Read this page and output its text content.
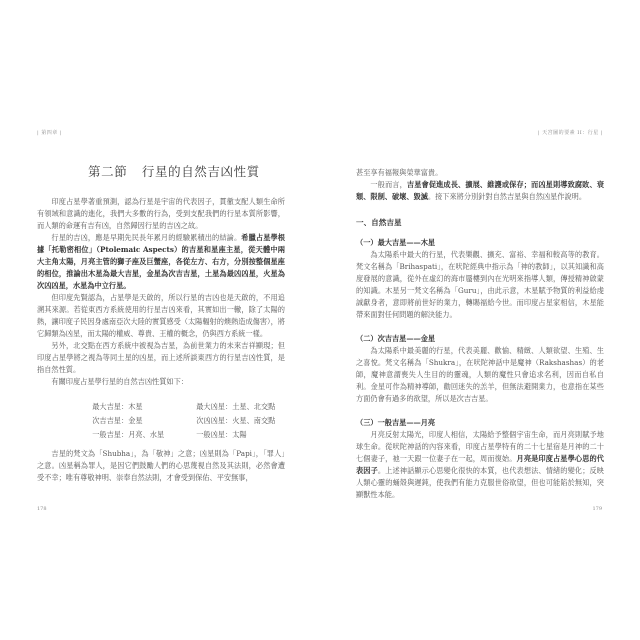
| 第四章 |
第二節 行星的自然吉凶性質

印度占星學著重預測，認為行星是宇宙的代表因子，貫徹支配人類生命所有領域和意識的進化，我們大多數的行為，受到支配我們的行星本質所影響，而人類的命運有吉有凶，自然歸因行星的吉凶之故。

行星的吉凶，應是早期先民長年累月的經驗累積出的結論。希臘占星學根據「托勒密相位」（Ptolemaic Aspects）的吉星和星座主星，從天體中兩大主角太陽，月亮主管的獅子座及巨蟹座，各從左方、右方，分別按整個星座的相位，推論出木星為最大吉星，金星為次吉吉星，土星為最凶凶星，火星為次凶凶星，水星為中立行星。

但印度先賢認為，占星學是天啟的，所以行星的吉凶也是天啟的，不用追溯其來源。若從東西方系統使用的行星吉凶來看，其實如出一轍，除了太陽的熱，讓印度子民因身處南亞次大陸的實質感受（太陽輻射的燠熱造成傷害），將它歸類為凶星，而太陽的權威、尊貴、王權的概念，仍與西方系統一樣。

另外，北交點在西方系統中被視為吉星，為前世業力的未來吉祥顯現；但印度占星學將之視為等同土星的凶星，而上述所談東西方的行星吉凶性質，是指自然性質。

有關印度占星學行星的自然吉凶性質如下：

最大吉星：木星	最大凶星：土星、北交點
次吉吉星：金星	次凶凶星：火星、南交點
一般吉星：月亮、水星	一般凶星：太陽

吉星的梵文為「Shubha」，為「敬神」之意；凶星則為「Papi」，「罪人」之意。凶星稱為罪人，是因它們鼓勵人們的心思蔑視自然及其法則，必然會遭受不幸；唯有尊敬神明、崇奉自然法則，才會受到保佑、平安無事，

178
| 天宮圖的要素 II：行星 |

甚至享有福報與榮華富貴。

一般而言，吉星會促進成長、擴展、維護或保存；而凶星則導致腐敗、衰頹、限制、破壞、毀滅。接下來將分別針對自然吉星與自然凶星作說明。

一、自然吉星

（一）最大吉星——木星

為太陽系中最大的行星，代表樂觀、擴充、富裕、幸福和較高等的教育。梵文名稱為「Brihaspati」，在吠陀經典中指示為「神的教師」，以其知識和高度發展的意識，從外在虛幻的海市蜃樓到內在光明來指導人類，傳授精神啟蒙的知識。木星另一梵文名稱為「Guru」，由此示意，木星賦予物質的利益給虔誠獻身者，意即將前世好的業力，轉賜福給今世。而印度占星家相信，木星能帶來面對任何問題的解決能力。

（二）次吉吉星——金星

為太陽系中最美麗的行星，代表美麗、歡愉、精緻、人類欲望、生殖、生之喜悅。梵文名稱為「Shukra」，在吠陀神話中是魔神（Rakshashas）的老師，魔神意謂喪失人生目的的靈魂，人類的魔性只會追求名利，因而自私自利。金星可作為精神導師，勸回迷失的羔羊，但無法避開業力，也意指在某些方面仍會有過多的欲望，所以是次吉吉星。

（三）一般吉星——月亮

月亮反射太陽光，印度人相信，太陽給予整個宇宙生命，而月亮則賦予地球生命。從吠陀神話的內容來看，印度占星學特有的二十七星宿是月神的二十七個妻子，祂一天跟一位妻子在一起，周而復始。月亮是印度占星學心思的代表因子。上述神話顯示心思變化很快的本質，也代表想法、情緒的變化；反映人類心靈的蛹殼與遲鈍，使我們有能力克服世俗欲望，但也可能陷於無知，突顯獸性本能。

179
